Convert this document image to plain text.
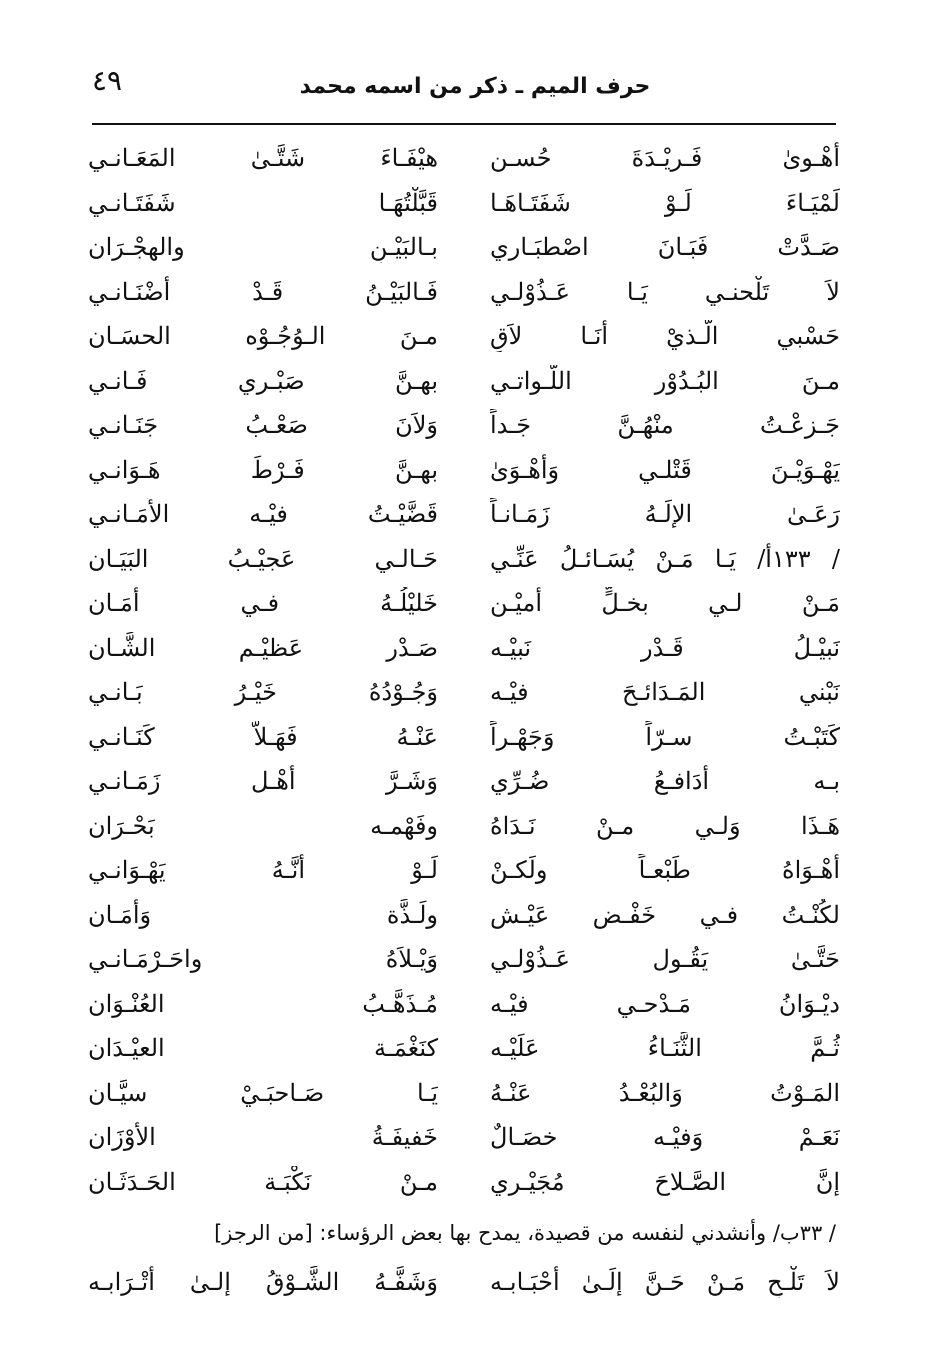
٤٩	حرف الميم ـ ذكر من اسمه محمد
أهْـوىٰ فَـريْـدَةَ حُسـن
هيْفَـاءَ شَتَّـىٰ المَعَـانـي
لَمْيَـاءَ لَـوْ شَفَتَـاهَـا
قَبَّلْتُهَـا شَفَتَـانـي
صَـدَّتْ فَبَـانَ اصْطبَـاري
بـالبَيْـنِ والهجْـرَان
لاَ تَلْحنـي يَـا عَـذُوْلـي
فَـالبَيْـنُ قَـدْ أَضْنَـانـي
حَسْبي الَّـذيْ أنَـا لاَقٍ
مـنَ الـوُجُـوْه الحسَـان
مـنَ البُـدُوْر اللَّـواتـي
بهـنَّ صَبْـري فَـانـي
جَـزعْـتُ منْهُـنَّ جَـداً
وَلاَنَ صَعْـبُ جَنَـانـي
يَهْـوَيْـنَ قَتْلـي وَأهْـوَىٰ
بهـنَّ فَـرْطَ هَـوَانـي
رَعَـىٰ الإلَـهُ زَمَـانـاً
قَضَّيْـتُ فيْـه الأَمَـانـي
/ ١٣٣أ/ يَـا مَـنْ يُسَـائـلُ عَنِّـي
حَـالـي عَجيْـبُ البَيَـان
مَـنْ لـي بخـلٍّ أميْـن
خَليْلُـهُ فـي أَمَـان
نَبيْـلُ قَـدْر نَبيْـه
صَـدْر عَظيْـم الشَّـان
نَبْني المَـدَائـحَ فيْـه
وَجُـوْدُهُ خَيْـرُ بَـانـي
كَتَبْـتُ سـرّاً وَجَهْـراً
عَنْـهُ فَهَـلاَّ كَنَـانـي
بـه أُدَافـعُ ضُـرِّي
وَشَـرَّ أهْـل زَمَـانـي
هَـذَا وَلـي مـنْ نَـدَاهُ
وفَهْمـه بَحْـرَان
أهْـوَاهُ طَبْعـاً ولَكـنْ
لَـوْ أنَّـهُ يَهْـوَانـي
لكُنْـتُ فـي خَفْـض عَيْـش
ولَـذَّة وَأمَـان
حَتَّـىٰ يَقُـول عَـذُوْلـي
وَيْـلاَهُ واحَـرْمَـانـي
ديْـوَانُ مَـدْحـي فيْـه
مُـذَهَّـبُ العُنْـوَان
ثُـمَّ الثَّنَـاءُ عَلَيْـه
كنَغْمَـة العيْـدَان
المَـوْتُ وَالبُعْـدُ عَنْـهُ
يَـا صَـاحبَـيْ سيَّـان
نَعَـمْ وَفيْـه خصَـالٌ
خَفيفَـةُ الأوْزَان
إنَّ الصَّـلاحَ مُجَيْـري
مـنْ نَكْبَـة الحَـدَثَـان
/ ٣٣ب/ وأنشدني لنفسه من قصيدة، يمدح بها بعض الرؤساء: [من الرجز]
لاَ تَلْـحِ مَـنْ حَـنَّ إلَـىٰ أحْبَـابـه
وَشَفَّـهُ الشَّـوْقُ إلـىٰ أتْـرَابـه
